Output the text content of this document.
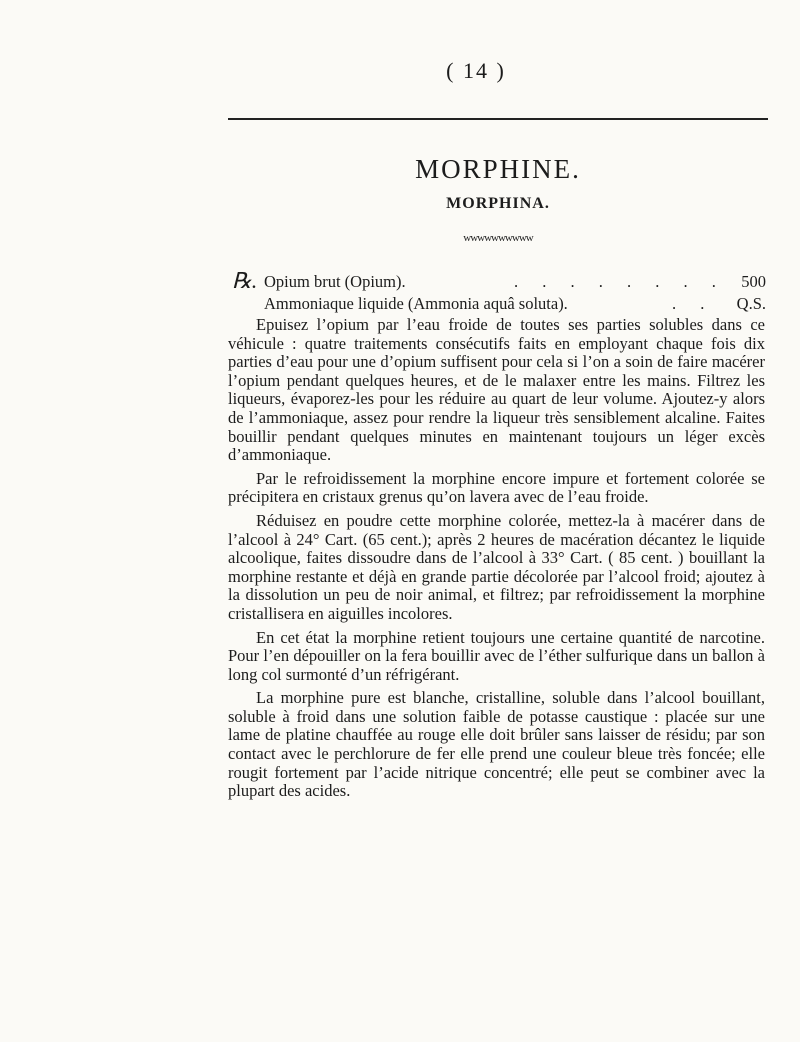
( 14 )
MORPHINE.
MORPHINA.
wwwwwwwwww
℞. Opium brut (Opium).	. . . . . . . . 500
Ammoniaque liquide (Ammonia aquâ soluta).	. . Q.S.

Epuisez l’opium par l’eau froide de toutes ses parties solubles dans ce véhicule : quatre traitements consécutifs faits en employant chaque fois dix parties d’eau pour une d’opium suffisent pour cela si l’on a soin de faire macérer l’opium pendant quelques heures, et de le malaxer entre les mains. Filtrez les liqueurs, évaporez-les pour les réduire au quart de leur volume. Ajoutez-y alors de l’ammoniaque, assez pour rendre la liqueur très sensiblement alcaline. Faites bouillir pendant quelques minutes en maintenant toujours un léger excès d’ammoniaque.

Par le refroidissement la morphine encore impure et fortement colorée se précipitera en cristaux grenus qu’on lavera avec de l’eau froide.

Réduisez en poudre cette morphine colorée, mettez-la à macérer dans de l’alcool à 24° Cart. (65 cent.); après 2 heures de macération décantez le liquide alcoolique, faites dissoudre dans de l’alcool à 33° Cart. ( 85 cent. ) bouillant la morphine restante et déjà en grande partie décolorée par l’alcool froid; ajoutez à la dissolution un peu de noir animal, et filtrez; par refroidissement la morphine cristallisera en aiguilles incolores.

En cet état la morphine retient toujours une certaine quantité de narcotine. Pour l’en dépouiller on la fera bouillir avec de l’éther sulfurique dans un ballon à long col surmonté d’un réfrigérant.

La morphine pure est blanche, cristalline, soluble dans l’alcool bouillant, soluble à froid dans une solution faible de potasse caustique : placée sur une lame de platine chauffée au rouge elle doit brûler sans laisser de résidu; par son contact avec le perchlorure de fer elle prend une couleur bleue très foncée; elle rougit fortement par l’acide nitrique concentré; elle peut se combiner avec la plupart des acides.
